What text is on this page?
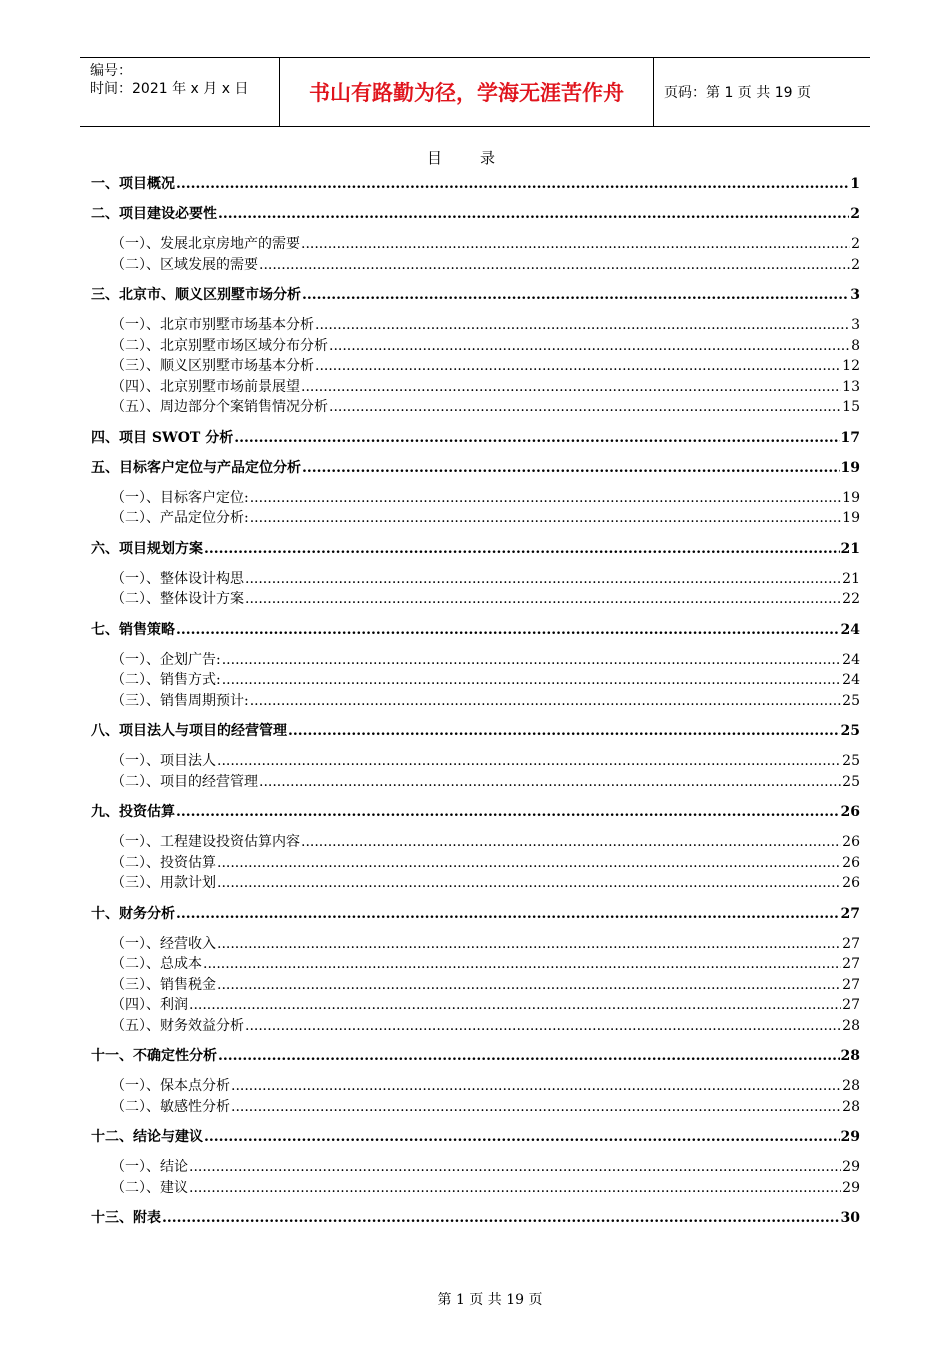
编号：
时间：2021 年 x 月 x 日	书山有路勤为径，学海无涯苦作舟	页码：第 1 页 共 19 页
目录
一、 项目概况 .....	1
二、 项目建设必要性 .....	2
（一）、 发展北京房地产的需要 .....	2
（二）、 区域发展的需要 .....	2
三、 北京市、顺义区别墅市场分析 .....	3
（一）、 北京市别墅市场基本分析 .....	3
（二）、 北京别墅市场区域分布分析 .....	8
（三）、 顺义区别墅市场基本分析 .....	12
（四）、 北京别墅市场前景展望 .....	13
（五）、 周边部分个案销售情况分析 .....	15
四、 项目 SWOT 分析 .....	17
五、 目标客户定位与产品定位分析 .....	19
（一）、 目标客户定位: .....	19
（二）、 产品定位分析: .....	19
六、 项目规划方案 .....	21
（一）、 整体设计构思 .....	21
（二）、 整体设计方案 .....	22
七、 销售策略 .....	24
（一）、 企划广告: .....	24
（二）、 销售方式: .....	24
（三）、 销售周期预计: .....	25
八、 项目法人与项目的经营管理 .....	25
（一）、 项目法人 .....	25
（二）、 项目的经营管理 .....	25
九、 投资估算 .....	26
（一）、 工程建设投资估算内容 .....	26
（二）、 投资估算 .....	26
（三）、 用款计划 .....	26
十、 财务分析 .....	27
（一）、 经营收入 .....	27
（二）、 总成本 .....	27
（三）、 销售税金 .....	27
（四）、 利润 .....	27
（五）、 财务效益分析 .....	28
十一、 不确定性分析 .....	28
（一）、 保本点分析 .....	28
（二）、 敏感性分析 .....	28
十二、 结论与建议 .....	29
（一）、 结论 .....	29
（二）、 建议 .....	29
十三、 附表 .....	30
第 1 页 共 19 页
